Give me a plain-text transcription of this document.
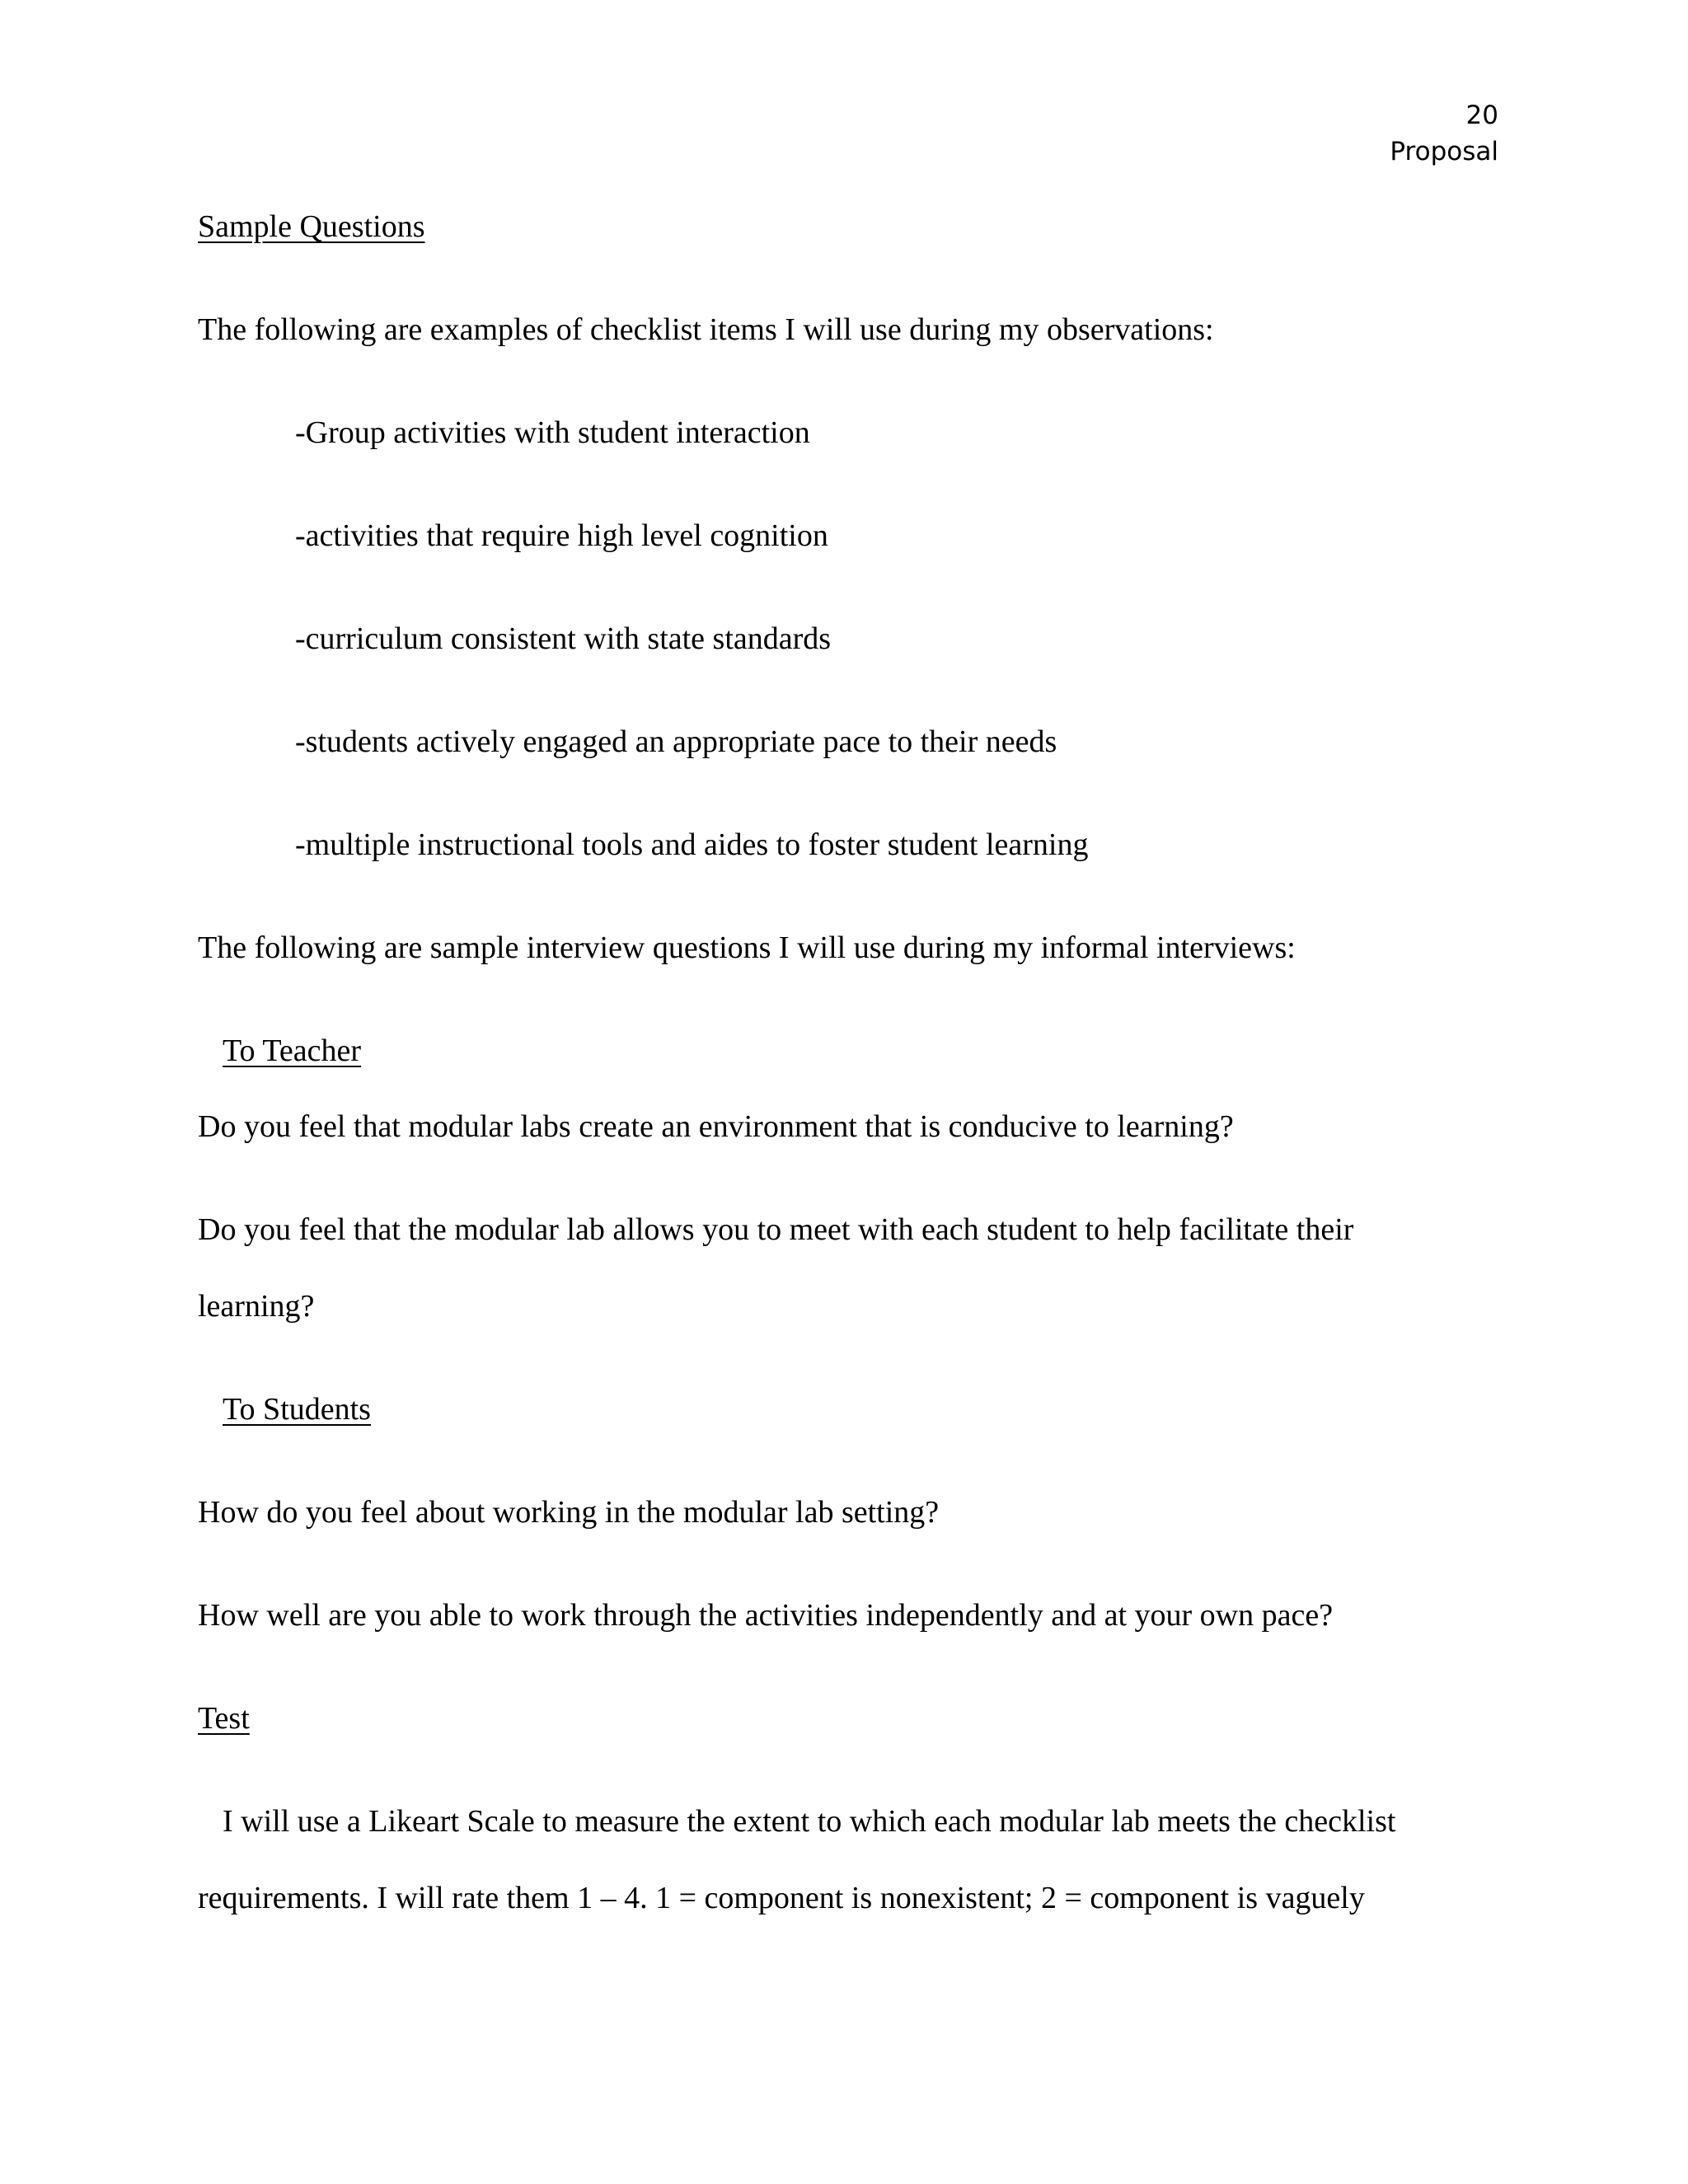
20
Proposal
Sample Questions
The following are examples of checklist items I will use during my observations:
-Group activities with student interaction
-activities that require high level cognition
-curriculum consistent with state standards
-students actively engaged an appropriate pace to their needs
-multiple instructional tools and aides to foster student learning
The following are sample interview questions I will use during my informal interviews:
To Teacher
Do you feel that modular labs create an environment that is conducive to learning?
Do you feel that the modular lab allows you to meet with each student to help facilitate their
learning?
To Students
How do you feel about working in the modular lab setting?
How well are you able to work through the activities independently and at your own pace?
Test
I will use a Likeart Scale to measure the extent to which each modular lab meets the checklist
requirements. I will rate them 1 – 4. 1 = component is nonexistent; 2 = component is vaguely
